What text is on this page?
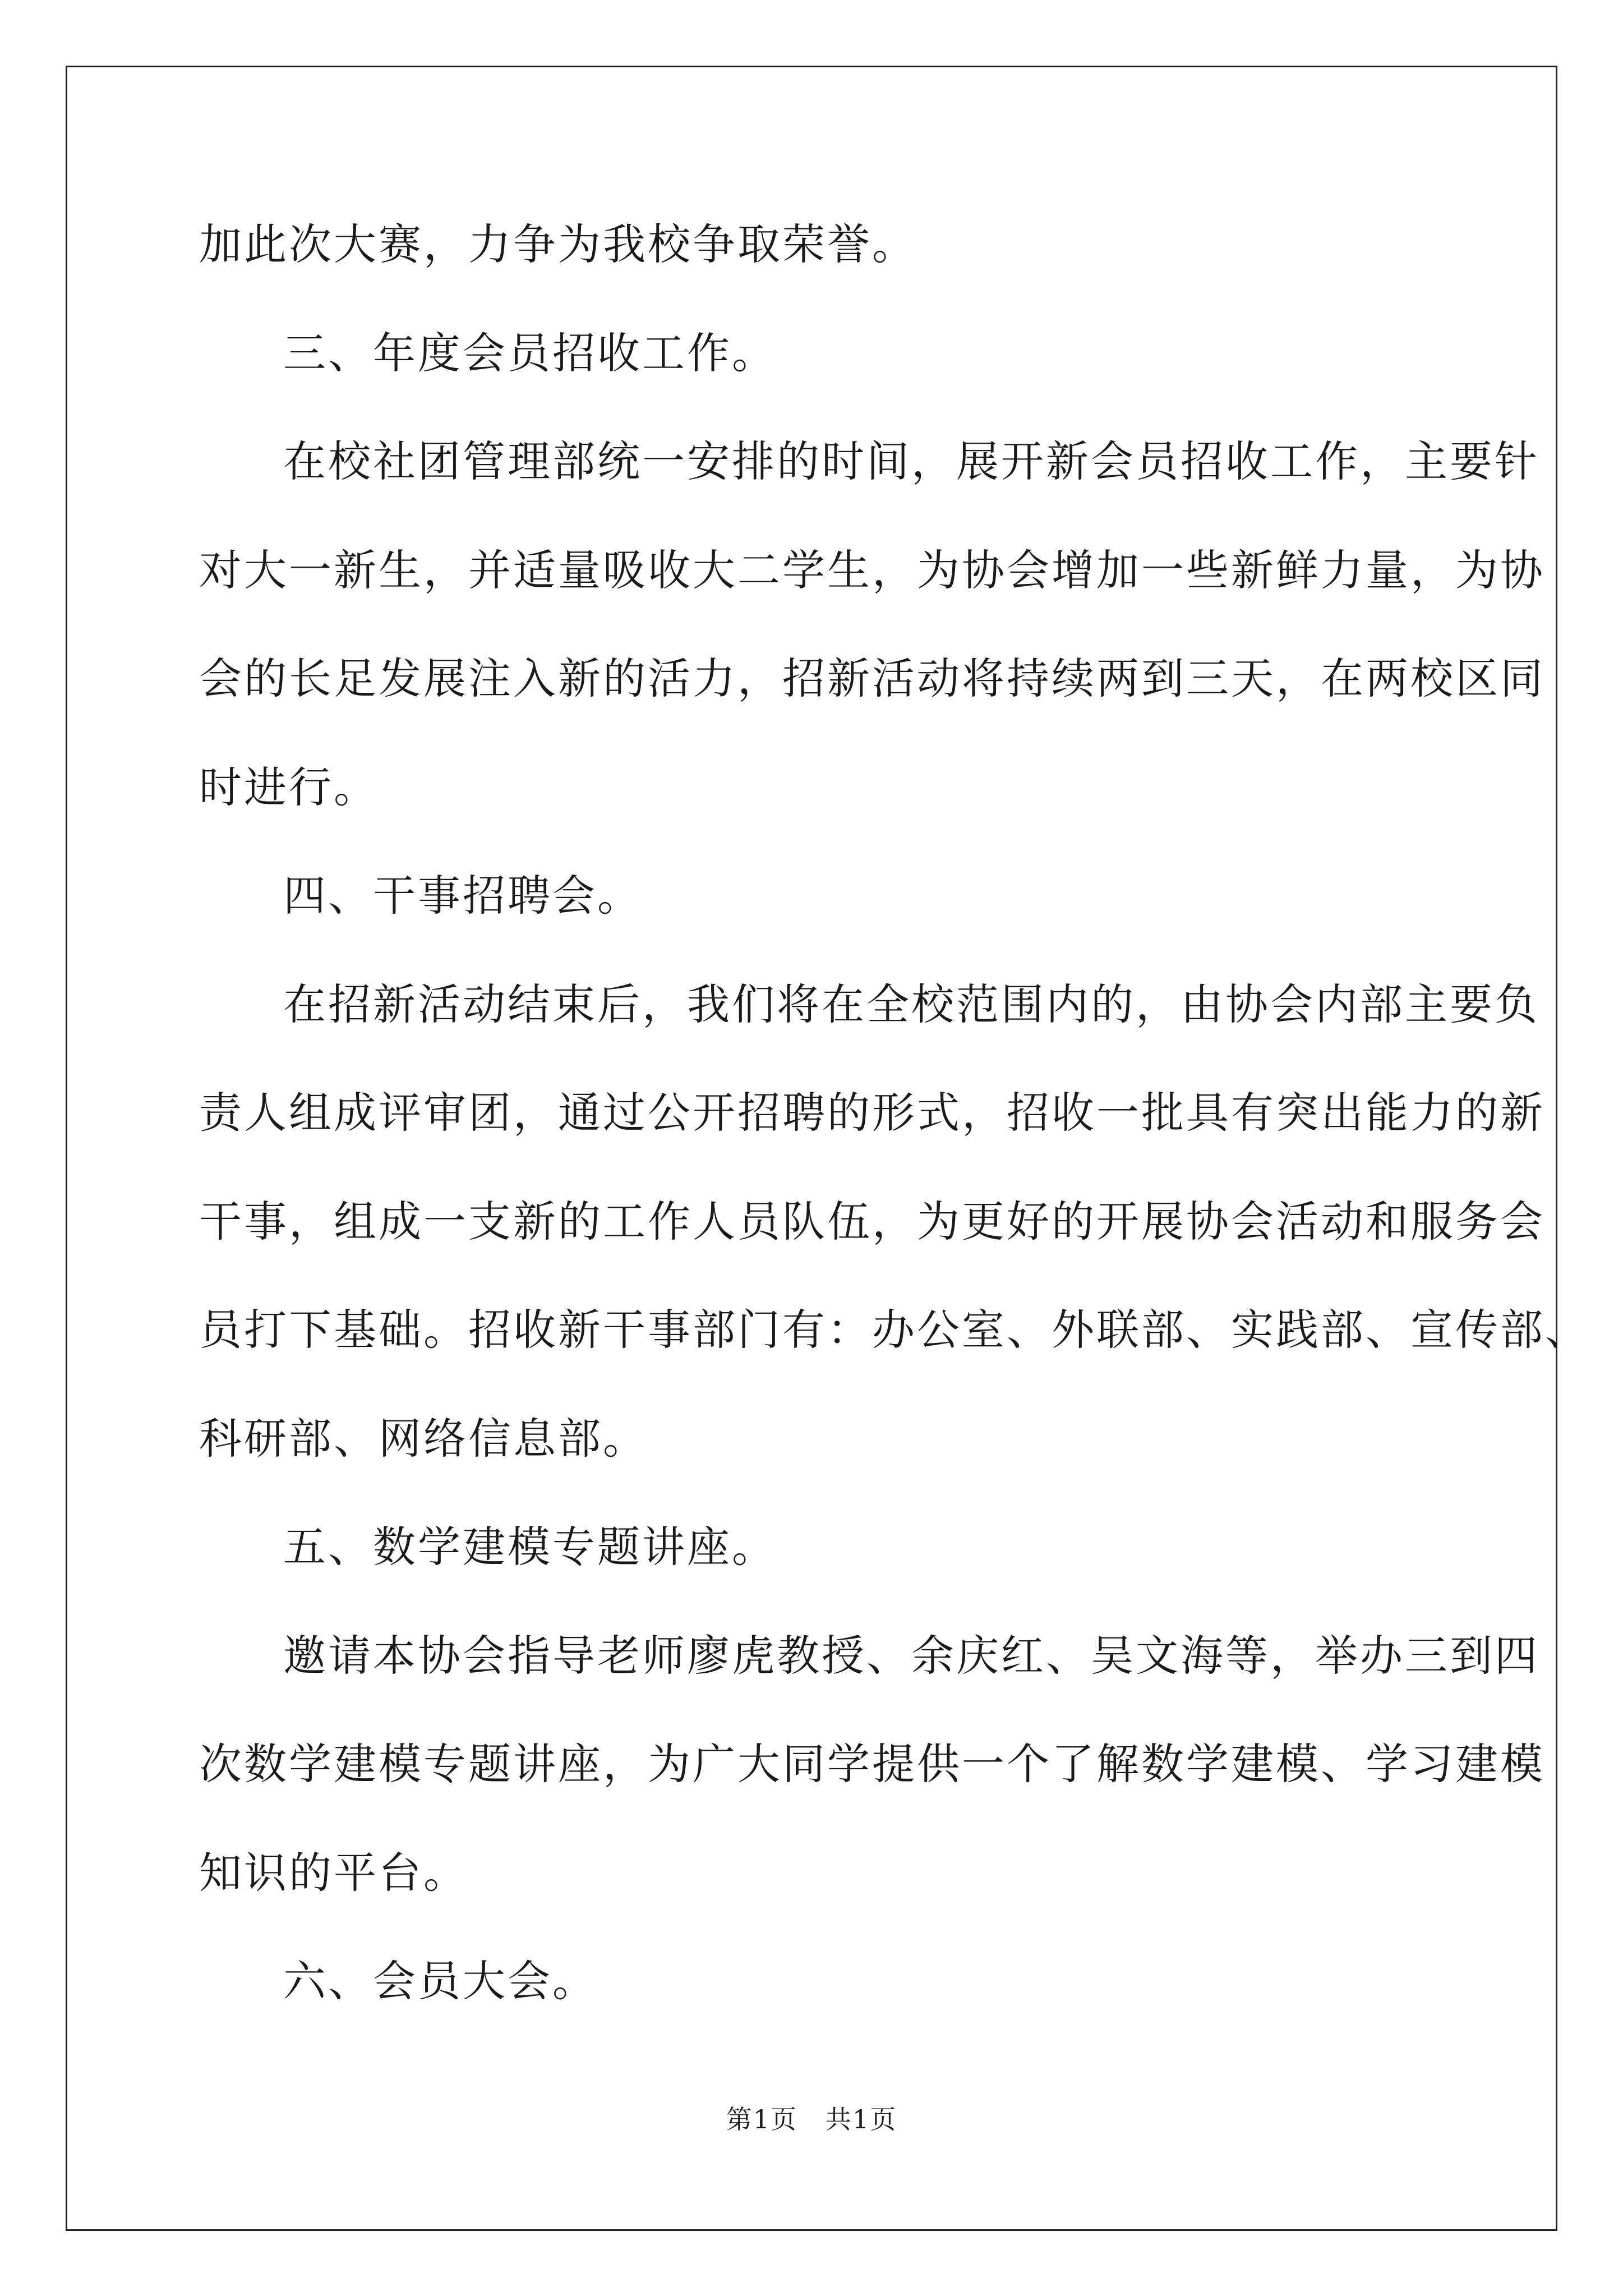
加此次大赛，力争为我校争取荣誉。
三、年度会员招收工作。
在校社团管理部统一安排的时间，展开新会员招收工作，主要针
对大一新生，并适量吸收大二学生，为协会增加一些新鲜力量，为协
会的长足发展注入新的活力，招新活动将持续两到三天，在两校区同
时进行。
四、干事招聘会。
在招新活动结束后，我们将在全校范围内的，由协会内部主要负
责人组成评审团，通过公开招聘的形式，招收一批具有突出能力的新
干事，组成一支新的工作人员队伍，为更好的开展协会活动和服务会
员打下基础。招收新干事部门有：办公室、外联部、实践部、宣传部、
科研部、网络信息部。
五、数学建模专题讲座。
邀请本协会指导老师廖虎教授、余庆红、吴文海等，举办三到四
次数学建模专题讲座，为广大同学提供一个了解数学建模、学习建模
知识的平台。
六、会员大会。
第1页   共1页
